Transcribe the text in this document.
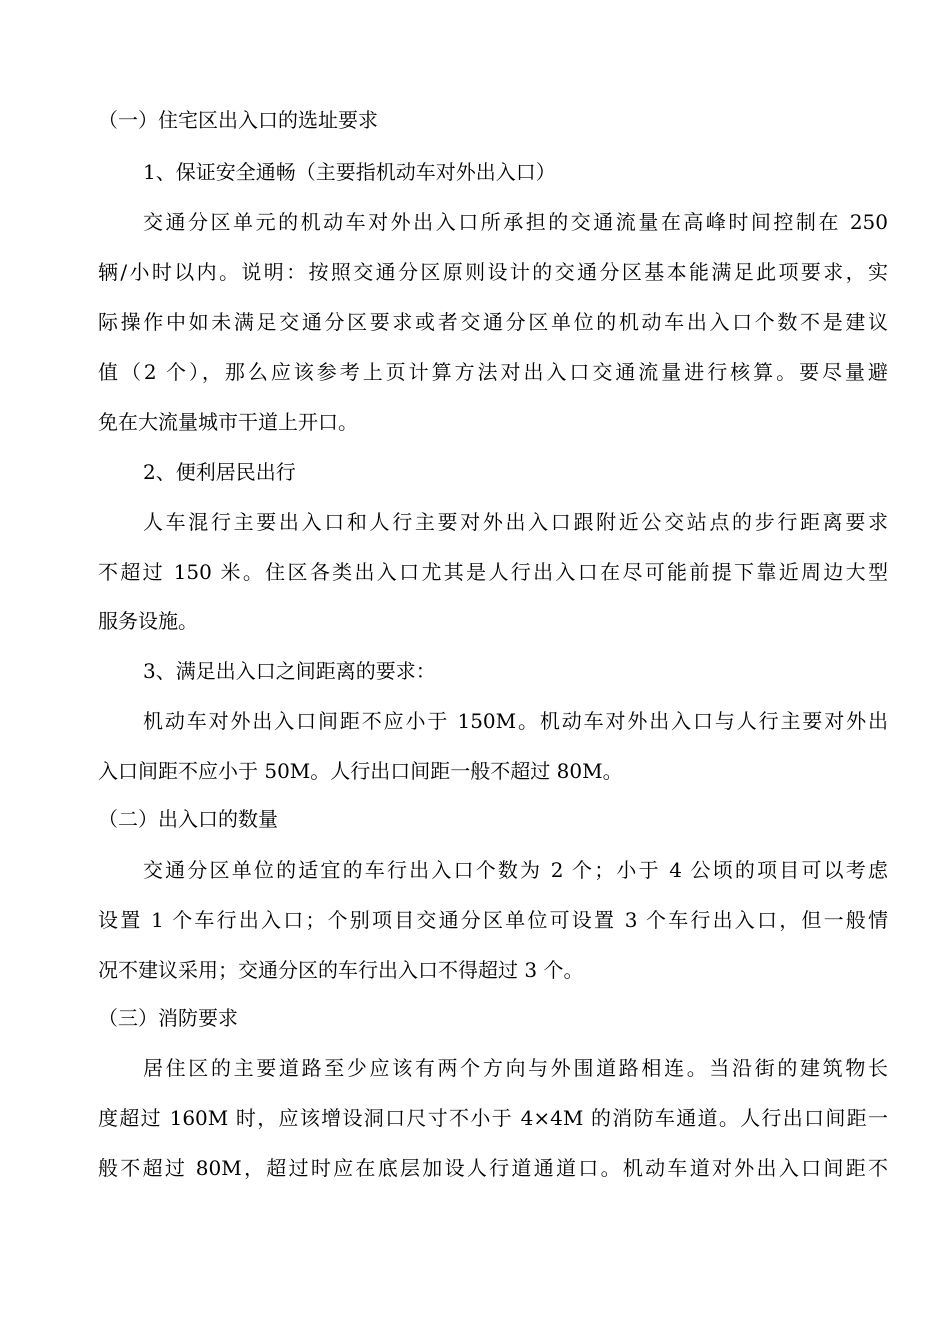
（一）住宅区出入口的选址要求
1、保证安全通畅（主要指机动车对外出入口）
交通分区单元的机动车对外出入口所承担的交通流量在高峰时间控制在 250
辆/小时以内。说明：按照交通分区原则设计的交通分区基本能满足此项要求，实
际操作中如未满足交通分区要求或者交通分区单位的机动车出入口个数不是建议
值（2 个），那么应该参考上页计算方法对出入口交通流量进行核算。要尽量避
免在大流量城市干道上开口。
2、便利居民出行
人车混行主要出入口和人行主要对外出入口跟附近公交站点的步行距离要求
不超过 150 米。住区各类出入口尤其是人行出入口在尽可能前提下靠近周边大型
服务设施。
3、满足出入口之间距离的要求：
机动车对外出入口间距不应小于 150M。机动车对外出入口与人行主要对外出
入口间距不应小于 50M。人行出口间距一般不超过 80M。
（二）出入口的数量
交通分区单位的适宜的车行出入口个数为 2 个；小于 4 公顷的项目可以考虑
设置 1 个车行出入口；个别项目交通分区单位可设置 3 个车行出入口，但一般情
况不建议采用；交通分区的车行出入口不得超过 3 个。
（三）消防要求
居住区的主要道路至少应该有两个方向与外围道路相连。当沿街的建筑物长
度超过 160M 时，应该增设洞口尺寸不小于 4×4M 的消防车通道。人行出口间距一
般不超过 80M，超过时应在底层加设人行道通道口。机动车道对外出入口间距不
